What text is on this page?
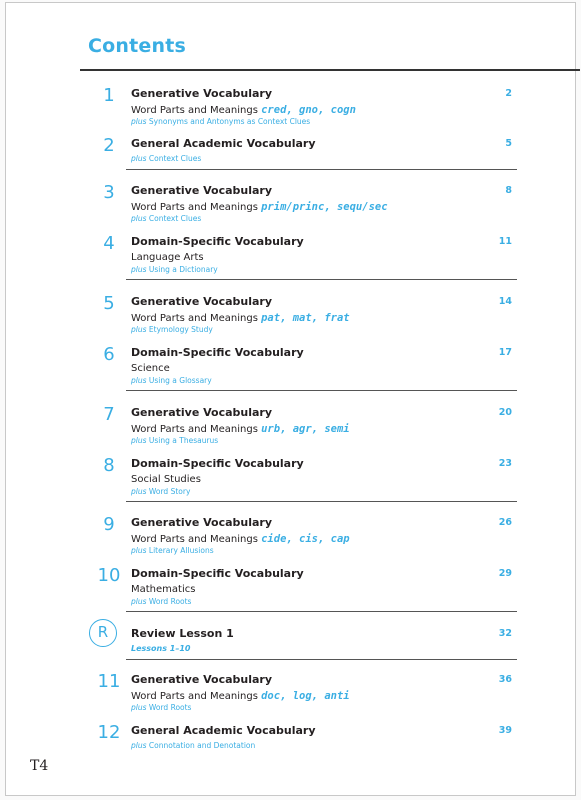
Contents
1	Generative Vocabulary	2
Word Parts and Meanings cred, gno, cogn
plus Synonyms and Antonyms as Context Clues
2	General Academic Vocabulary	5
plus Context Clues
3	Generative Vocabulary	8
Word Parts and Meanings prim/princ, sequ/sec
plus Context Clues
4	Domain-Specific Vocabulary	11
Language Arts
plus Using a Dictionary
5	Generative Vocabulary	14
Word Parts and Meanings pat, mat, frat
plus Etymology Study
6	Domain-Specific Vocabulary	17
Science
plus Using a Glossary
7	Generative Vocabulary	20
Word Parts and Meanings urb, agr, semi
plus Using a Thesaurus
8	Domain-Specific Vocabulary	23
Social Studies
plus Word Story
9	Generative Vocabulary	26
Word Parts and Meanings cide, cis, cap
plus Literary Allusions
10 Domain-Specific Vocabulary	29
Mathematics
plus Word Roots
R	Review Lesson 1	32
Lessons 1–10
11 Generative Vocabulary	36
Word Parts and Meanings doc, log, anti
plus Word Roots
12 General Academic Vocabulary	39
plus Connotation and Denotation
T4
